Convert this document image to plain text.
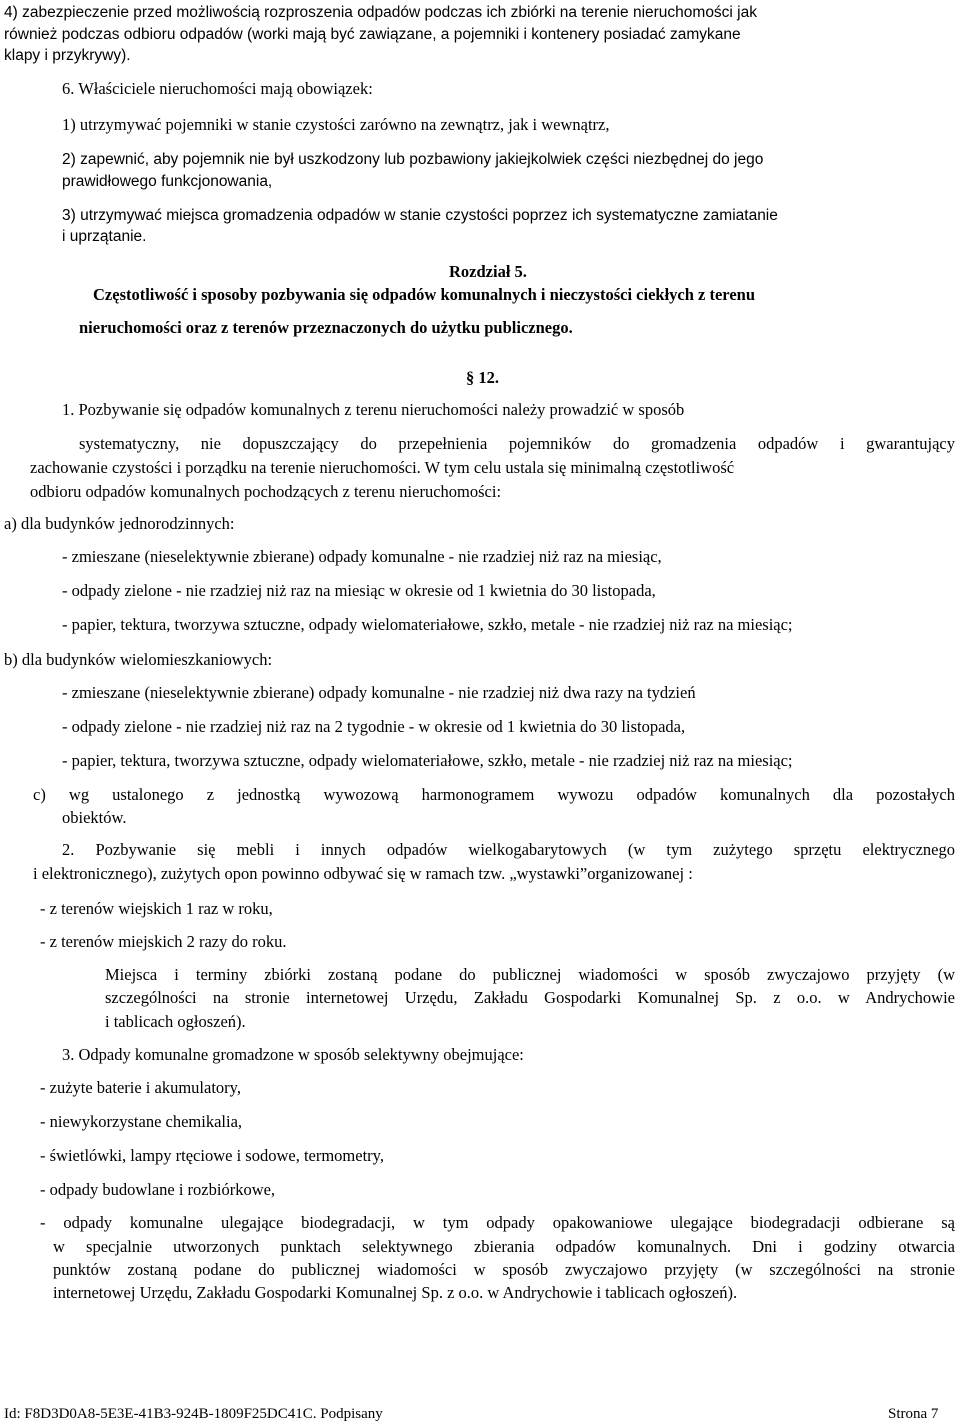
4) zabezpieczenie przed możliwością rozproszenia odpadów podczas ich zbiórki na terenie nieruchomości jak
również podczas odbioru odpadów (worki mają być zawiązane, a pojemniki i kontenery posiadać zamykane
klapy i przykrywy).
6. Właściciele nieruchomości mają obowiązek:
1) utrzymywać pojemniki w stanie czystości zarówno na zewnątrz, jak i wewnątrz,
2) zapewnić, aby pojemnik nie był uszkodzony lub pozbawiony jakiejkolwiek części niezbędnej do jego
prawidłowego funkcjonowania,
3) utrzymywać miejsca gromadzenia odpadów w stanie czystości poprzez ich systematyczne zamiatanie
i uprzątanie.
Rozdział 5.
Częstotliwość i sposoby pozbywania się odpadów komunalnych i nieczystości ciekłych z terenu
nieruchomości oraz z terenów przeznaczonych do użytku publicznego.
§ 12.
1. Pozbywanie się odpadów komunalnych z terenu nieruchomości należy prowadzić w sposób
systematyczny, nie dopuszczający do przepełnienia pojemników do gromadzenia odpadów i gwarantujący
zachowanie czystości i porządku na terenie nieruchomości. W tym celu ustala się minimalną częstotliwość
odbioru odpadów komunalnych pochodzących z terenu nieruchomości:
a) dla budynków jednorodzinnych:
- zmieszane (nieselektywnie zbierane) odpady komunalne - nie rzadziej niż raz na miesiąc,
- odpady zielone - nie rzadziej niż raz na miesiąc w okresie od 1 kwietnia do 30 listopada,
- papier, tektura, tworzywa sztuczne, odpady wielomateriałowe, szkło, metale - nie rzadziej niż raz na miesiąc;
b) dla budynków wielomieszkaniowych:
- zmieszane (nieselektywnie zbierane) odpady komunalne - nie rzadziej niż dwa razy na tydzień
- odpady zielone - nie rzadziej niż raz na 2 tygodnie - w okresie od 1 kwietnia do 30 listopada,
- papier, tektura, tworzywa sztuczne, odpady wielomateriałowe, szkło, metale - nie rzadziej niż raz na miesiąc;
c) wg ustalonego z jednostką wywozową harmonogramem wywozu odpadów komunalnych dla pozostałych
obiektów.
2. Pozbywanie się mebli i innych odpadów wielkogabarytowych (w tym zużytego sprzętu elektrycznego
i elektronicznego), zużytych opon powinno odbywać się w ramach tzw. „wystawki”organizowanej :
- z terenów wiejskich 1 raz w roku,
- z terenów miejskich 2 razy do roku.
Miejsca i terminy zbiórki zostaną podane do publicznej wiadomości w sposób zwyczajowo przyjęty (w
szczególności na stronie internetowej Urzędu, Zakładu Gospodarki Komunalnej Sp. z o.o. w Andrychowie
i tablicach ogłoszeń).
3. Odpady komunalne gromadzone w sposób selektywny obejmujące:
- zużyte baterie i akumulatory,
- niewykorzystane chemikalia,
- świetlówki, lampy rtęciowe i sodowe, termometry,
- odpady budowlane i rozbiórkowe,
- odpady komunalne ulegające biodegradacji, w tym odpady opakowaniowe ulegające biodegradacji odbierane są
w specjalnie utworzonych punktach selektywnego zbierania odpadów komunalnych. Dni i godziny otwarcia
punktów zostaną podane do publicznej wiadomości w sposób zwyczajowo przyjęty (w szczególności na stronie
internetowej Urzędu, Zakładu Gospodarki Komunalnej Sp. z o.o. w Andrychowie i tablicach ogłoszeń).
Id: F8D3D0A8-5E3E-41B3-924B-1809F25DC41C. Podpisany	Strona 7
